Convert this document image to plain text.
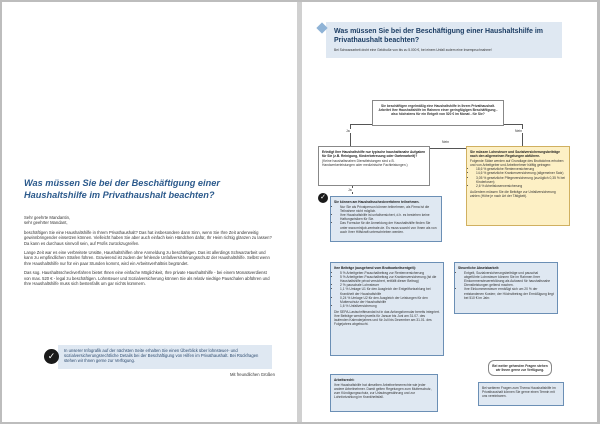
Was müssen Sie bei der Beschäftigung einer Haushaltshilfe im Privathaushalt beachten?

Sehr geehrte Mandantin,
sehr geehrter Mandant,

beschäftigen Sie eine Haushaltshilfe in Ihrem Privathaushalt? Das hat insbesondere dann Sinn, wenn Sie Ihre Zeit anderweitig gewinnbringender einsetzen können. Vielleicht haben Sie aber auch einfach kein Händchen dafür, Ihr Heim richtig glänzen zu lassen? Da kann es durchaus sinnvoll sein, auf Profis zurückzugreifen.

Lange Zeit war es eine verbreitete Unsitte, Haushaltshilfen ohne Anmeldung zu beschäftigen. Das ist allerdings Schwarzarbeit und kann zu empfindlichen Strafen führen. Gravierend ist zudem der fehlende Unfallversicherungsschutz der Haushaltshilfe. Selbst wenn Ihre Haushaltshilfe nur für ein paar Stunden kommt, wird ein Arbeitsverhältnis begründet.

Das sog. Haushaltsscheckverfahren bietet Ihnen eine einfache Möglichkeit, Ihre private Haushaltshilfe - bei einem Monatsverdienst von max. 520 € - legal zu beschäftigen. Lohnsteuer und Sozialversicherung können Sie als relativ niedrige Pauschalen abführen und Ihre Haushaltshilfe muss sich bestenfalls um gar nichts kümmern.

✓
In unserer Infografik auf der nächsten Seite erhalten Sie einen Überblick über lohnsteuer- und sozialversicherungsrechtliche Details bei der Beschäftigung von Hilfen im Privathaushalt. Bei Rückfragen stehen wir Ihnen gerne zur Verfügung.
Mit freundlichen Grüßen
Was müssen Sie bei der Beschäftigung einer Haushaltshilfe im Privathaushalt beachten?
Bei Schwarzarbeit droht eine Geldbuße von bis zu 5.000 €, bei einem Unfall zudem eine Insempruchnahme!
Sie beschäftigen regelmäßig eine Haushaltshilfe in Ihrem Privathaushalt. Arbeitet Ihre Haushaltshilfe im Rahmen einer geringfügigen Beschäftigung - also höchstens für ein Entgelt von 520 € im Monat - für Sie?
Ja	Nein
Erledigt Ihre Haushaltshilfe nur typische haushaltsnahe Aufgaben für Sie (z.B. Reinigung, Kinderbetreuung oder Gartenarbeit)?
(Keine haushaltsnahen Dienstleistungen sind z.B. Handwerkerleistungen oder medizinische Fachleistungen.)
Nein
Ja
Sie müssen Lohnsteuer und Sozialversicherungsbeiträge nach den allgemeinen Regelungen abführen.
Folgende Sätze werden auf Grundlage des Bruttolohns erhoben und von Arbeitgeber und Arbeitnehmer hälftig getragen:
• 18,6 % gesetzliche Rentenversicherung
• 14,6 % gesetzliche Krankenversicherung (allgemeiner Satz)
• 3,05 % gesetzliche Pflegeversicherung (zuzüglich 0,35 % bei Kinderlosen)
• 2,6 % Arbeitslosenversicherung
Außerdem müssen Sie die Beiträge zur Unfallversicherung zahlen (Höhe je nach Art der Tätigkeit).
✓
Sie können am Haushaltsscheckverfahren teilnehmen.
• Nur Sie als Privatperson können teilnehmen, als Firma ist die Teilnahme nicht möglich.
• Ihre Haushaltshilfe ist unfallversichert, d.h. es bestehen keine Haftungsrisiken für Sie.
• Das Formular für die Anmeldung der Haushaltshilfe finden Sie unter www.minijob-zentrale.de. Es muss sowohl von Ihnen als von auch Ihrer Hilfskraft unterschrieben werden.
Ihre Beiträge (ausgehend vom Bruttoarbeitsentgelt):
• 5 % Arbeitgeber-Pauschalbeitrag zur Rentenversicherung
• 5 % Arbeitgeber-Pauschalbeitrag zur Krankenversicherung (ist die Haushaltshilfe privat versichert, entfällt dieser Beitrag)
• 2 % pauschale Lohnsteuer
• 1,1 % Umlage U1 für den Ausgleich der Entgeltfortzahlung bei Krankheit der Haushaltshilfe
• 0,24 % Umlage U2 für den Ausgleich der Leistungen für den Mutterschutz der Haushaltshilfe
• 1,6 % Unfallversicherung
Die SEPA-Lastschriftmandat ist in das Anfangsformular bereits integriert. Ihre Beiträge werden jeweils für Januar bis Juni am 31.07. des laufenden Kalenderjahres und für Juli bis Dezember am 31.01. des Folgejahres abgebucht.
Steuerliche Absetzbarkeit:
• Entgelt, Sozialversicherungsbeiträge und pauschal abgeführte Lohnsteuer können Sie im Rahmen Ihrer Einkommensteuererklärung als Aufwand für haushaltsnahe Dienstleistungen geltend machen.
• Ihre Einkommensteuer ermäßigt sich um 20 % der entstandenen Kosten; der Höchstbetrag der Ermäßigung liegt bei 510 € im Jahr.
Arbeitsrecht:
Ihre Haushaltshilfe hat dieselben Arbeitnehmerrechte wie jeder andere Arbeitnehmer. Damit gelten Regelungen zum Mutterschutz, zum Kündigungsschutz, zur Urlaubsgewährung und zur Lohnfortzahlung im Krankheitsfall.
Bei weiter gehenden Fragen stehen wir Ihnen gerne zur Verfügung.
Bei weiteren Fragen zum Thema Haushaltshilfe im Privathaushalt können Sie gerne einen Termin mit uns vereinbaren.
